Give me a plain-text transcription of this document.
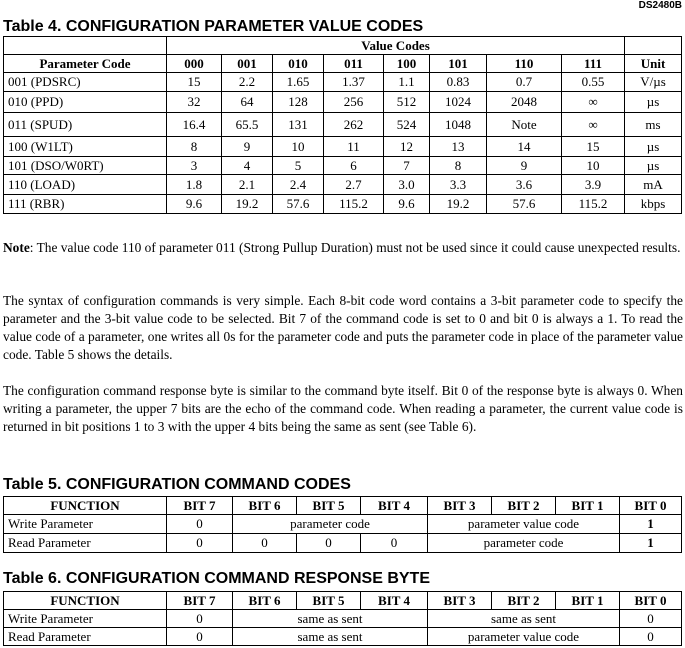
DS2480B
Table 4. CONFIGURATION PARAMETER VALUE CODES
	Value Codes								
Parameter Code	000	001	010	011	100	101	110	111	Unit
001 (PDSRC)	15	2.2	1.65	1.37	1.1	0.83	0.7	0.55	V/µs
010 (PPD)	32	64	128	256	512	1024	2048	∞	µs
011 (SPUD)	16.4	65.5	131	262	524	1048	Note	∞	ms
100 (W1LT)	8	9	10	11	12	13	14	15	µs
101 (DSO/W0RT)	3	4	5	6	7	8	9	10	µs
110 (LOAD)	1.8	2.1	2.4	2.7	3.0	3.3	3.6	3.9	mA
111 (RBR)	9.6	19.2	57.6	115.2	9.6	19.2	57.6	115.2	kbps

Note: The value code 110 of parameter 011 (Strong Pullup Duration) must not be used since it could cause unexpected results.

The syntax of configuration commands is very simple. Each 8-bit code word contains a 3-bit parameter code to specify the parameter and the 3-bit value code to be selected. Bit 7 of the command code is set to 0 and bit 0 is always a 1. To read the value code of a parameter, one writes all 0s for the parameter code and puts the parameter code in place of the parameter value code. Table 5 shows the details.

The configuration command response byte is similar to the command byte itself. Bit 0 of the response byte is always 0. When writing a parameter, the upper 7 bits are the echo of the command code. When reading a parameter, the current value code is returned in bit positions 1 to 3 with the upper 4 bits being the same as sent (see Table 6).

Table 5. CONFIGURATION COMMAND CODES
FUNCTION	BIT 7	BIT 6	BIT 5	BIT 4	BIT 3	BIT 2	BIT 1	BIT 0
Write Parameter	0	parameter code			parameter value code			1
Read Parameter	0	0	0	0	parameter code			1
Table 6. CONFIGURATION COMMAND RESPONSE BYTE
FUNCTION	BIT 7	BIT 6	BIT 5	BIT 4	BIT 3	BIT 2	BIT 1	BIT 0
Write Parameter	0	same as sent			same as sent			0
Read Parameter	0	same as sent			parameter value code			0
